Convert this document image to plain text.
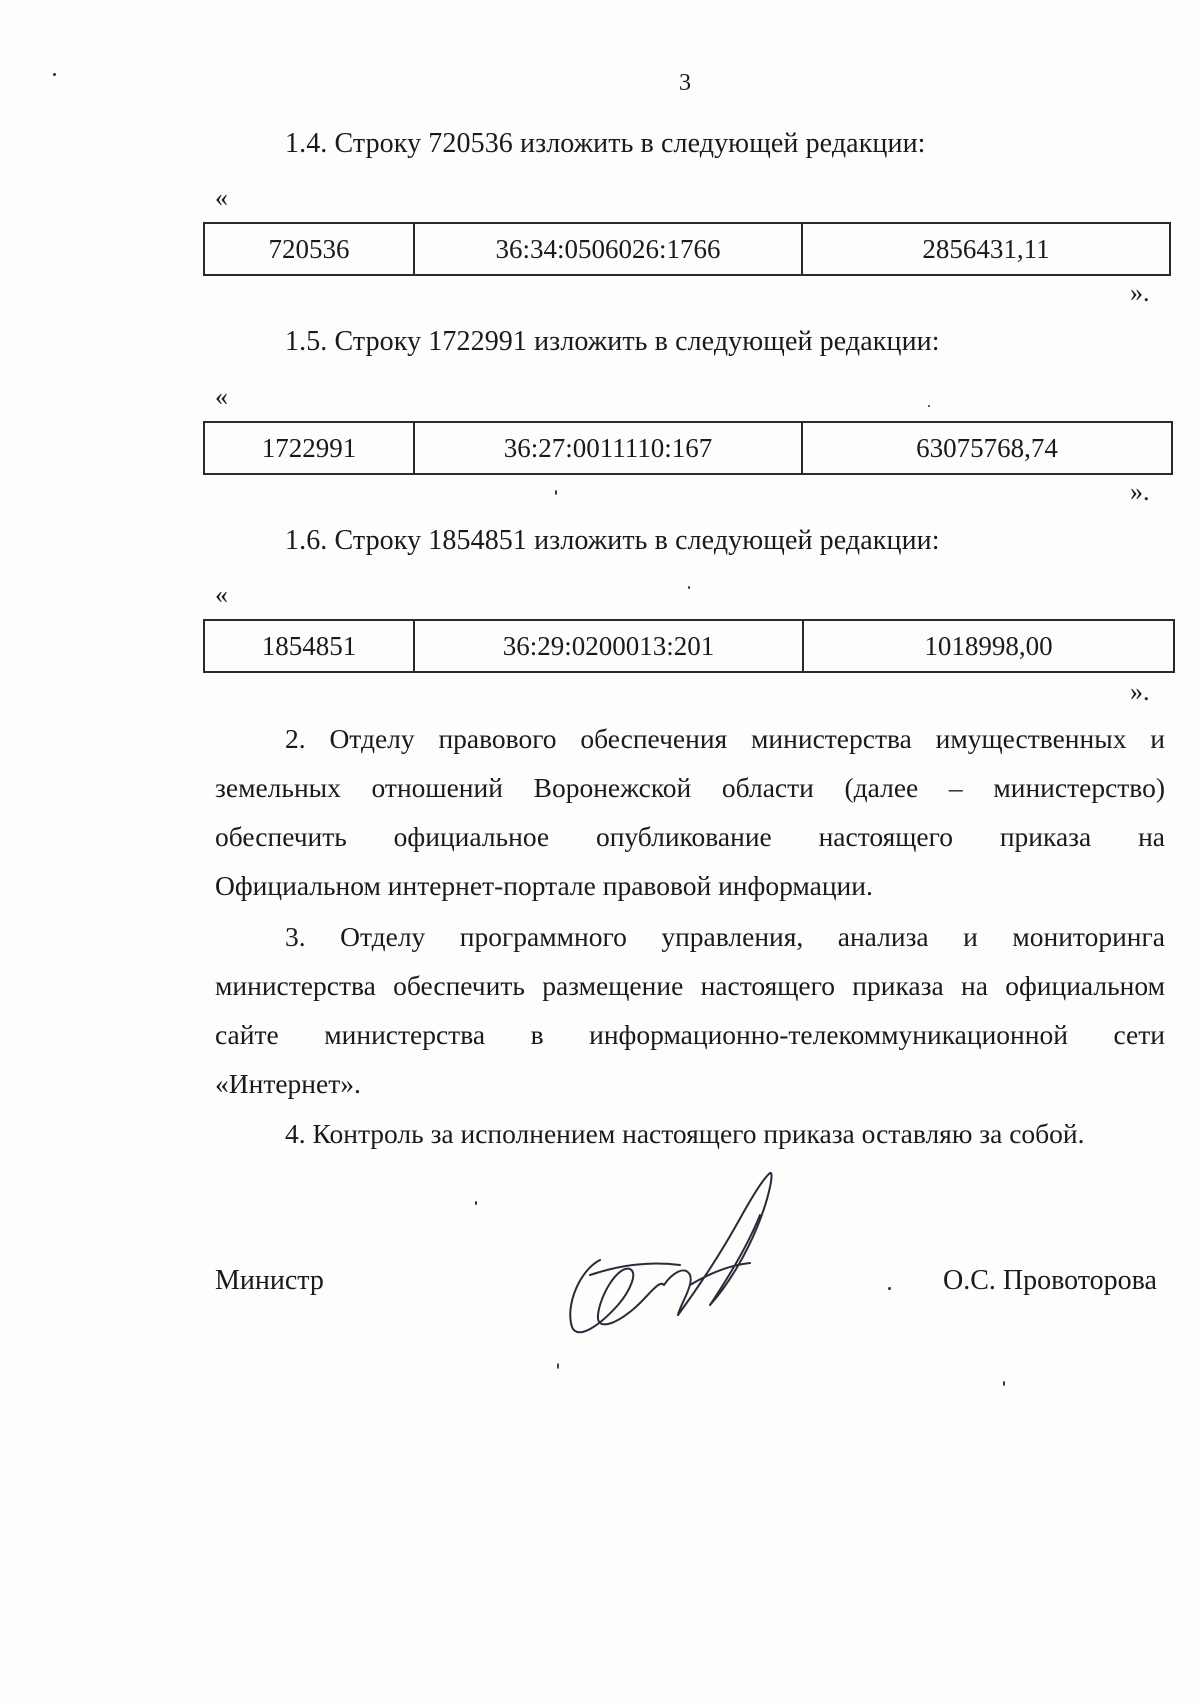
3
1.4. Строку 720536 изложить в следующей редакции:
«
720536	36:34:0506026:1766	2856431,11
».
1.5. Строку 1722991 изложить в следующей редакции:
«
1722991	36:27:0011110:167	63075768,74
».
1.6. Строку 1854851 изложить в следующей редакции:
«
1854851	36:29:0200013:201	1018998,00
».
2. Отделу правового обеспечения министерства имущественных и
земельных отношений Воронежской области (далее – министерство)
обеспечить официальное опубликование настоящего приказа на
Официальном интернет-портале правовой информации.
3. Отделу программного управления, анализа и мониторинга
министерства обеспечить размещение настоящего приказа на официальном
сайте министерства в информационно-телекоммуникационной сети
«Интернет».
4. Контроль за исполнением настоящего приказа оставляю за собой.
Министр	О.С. Провоторова
